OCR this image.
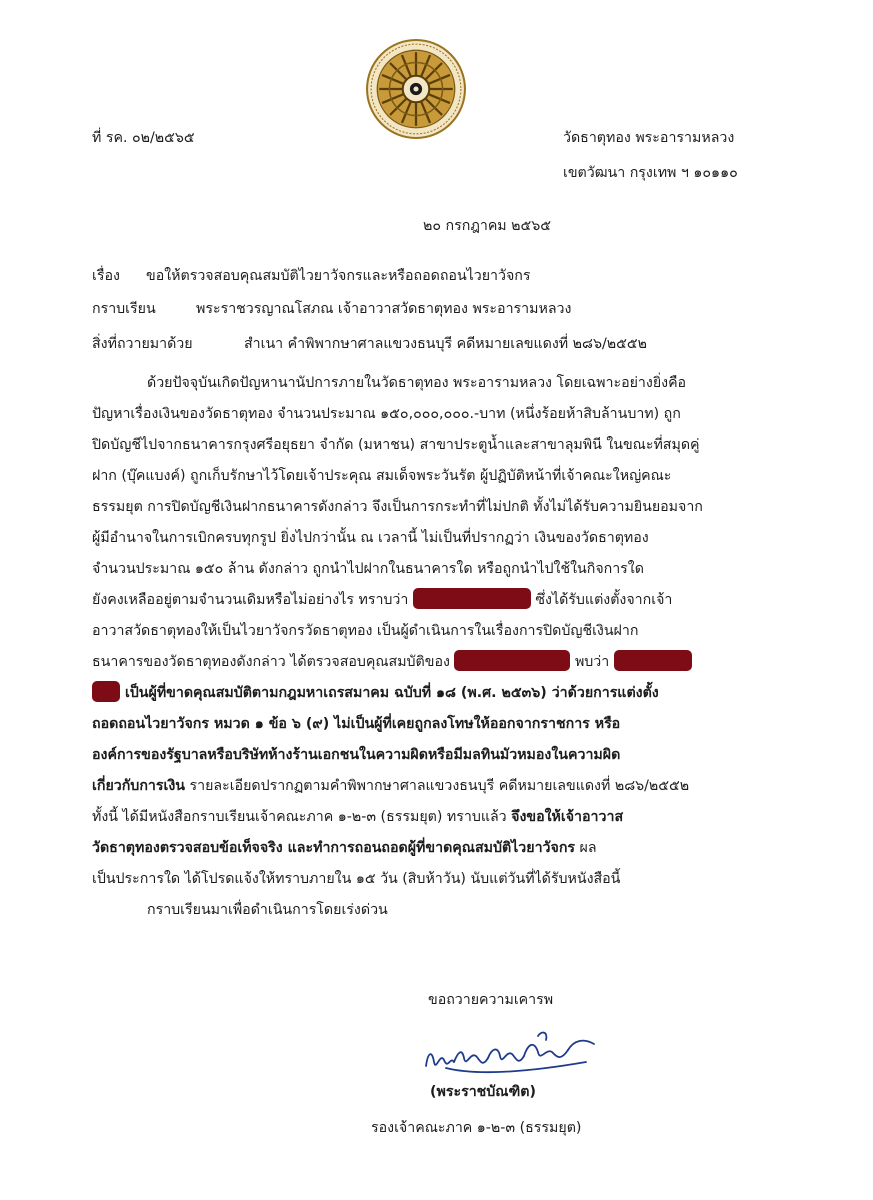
ที่ รค. ๐๒/๒๕๖๕	วัดธาตุทอง พระอารามหลวง
เขตวัฒนา กรุงเทพ ฯ ๑๐๑๑๐
๒๐ กรกฎาคม ๒๕๖๕
เรื่อง ขอให้ตรวจสอบคุณสมบัติไวยาวัจกรและหรือถอดถอนไวยาวัจกร
กราบเรียน	พระราชวรญาณโสภณ เจ้าอาวาสวัดธาตุทอง พระอารามหลวง
สิ่งที่ถวายมาด้วย	สำเนา คำพิพากษาศาลแขวงธนบุรี คดีหมายเลขแดงที่ ๒๘๖/๒๕๕๒
ด้วยปัจจุบันเกิดปัญหานานัปการภายในวัดธาตุทอง พระอารามหลวง โดยเฉพาะอย่างยิ่งคือ
ปัญหาเรื่องเงินของวัดธาตุทอง จำนวนประมาณ ๑๕๐,๐๐๐,๐๐๐.-บาท (หนึ่งร้อยห้าสิบล้านบาท) ถูก
ปิดบัญชีไปจากธนาคารกรุงศรีอยุธยา จำกัด (มหาชน) สาขาประตูน้ำและสาขาลุมพินี ในขณะที่สมุดคู่
ฝาก (บุ๊คแบงค์) ถูกเก็บรักษาไว้โดยเจ้าประคุณ สมเด็จพระวันรัต ผู้ปฏิบัติหน้าที่เจ้าคณะใหญ่คณะ
ธรรมยุต การปิดบัญชีเงินฝากธนาคารดังกล่าว จึงเป็นการกระทำที่ไม่ปกติ ทั้งไม่ได้รับความยินยอมจาก
ผู้มีอำนาจในการเบิกครบทุกรูป ยิ่งไปกว่านั้น ณ เวลานี้ ไม่เป็นที่ปรากฏว่า เงินของวัดธาตุทอง
จำนวนประมาณ ๑๕๐ ล้าน ดังกล่าว ถูกนำไปฝากในธนาคารใด หรือถูกนำไปใช้ในกิจการใด
ยังคงเหลืออยู่ตามจำนวนเดิมหรือไม่อย่างไร ทราบว่า	ซึ่งได้รับแต่งตั้งจากเจ้า
อาวาสวัดธาตุทองให้เป็นไวยาวัจกรวัดธาตุทอง เป็นผู้ดำเนินการในเรื่องการปิดบัญชีเงินฝาก
ธนาคารของวัดธาตุทองดังกล่าว ได้ตรวจสอบคุณสมบัติของ	พบว่า
เป็นผู้ที่ขาดคุณสมบัติตามกฎมหาเถรสมาคม ฉบับที่ ๑๘ (พ.ศ. ๒๕๓๖) ว่าด้วยการแต่งตั้ง
ถอดถอนไวยาวัจกร หมวด ๑ ข้อ ๖ (๙) ไม่เป็นผู้ที่เคยถูกลงโทษให้ออกจากราชการ หรือ
องค์การของรัฐบาลหรือบริษัทห้างร้านเอกชนในความผิดหรือมีมลทินมัวหมองในความผิด
เกี่ยวกับการเงิน รายละเอียดปรากฏตามคำพิพากษาศาลแขวงธนบุรี คดีหมายเลขแดงที่ ๒๘๖/๒๕๕๒
ทั้งนี้ ได้มีหนังสือกราบเรียนเจ้าคณะภาค ๑-๒-๓ (ธรรมยุต) ทราบแล้ว จึงขอให้เจ้าอาวาส
วัดธาตุทองตรวจสอบข้อเท็จจริง และทำการถอนถอดผู้ที่ขาดคุณสมบัติไวยาวัจกร ผล
เป็นประการใด ได้โปรดแจ้งให้ทราบภายใน ๑๕ วัน (สิบห้าวัน) นับแต่วันที่ได้รับหนังสือนี้
กราบเรียนมาเพื่อดำเนินการโดยเร่งด่วน
ขอถวายความเคารพ
(พระราชบัณฑิต)
รองเจ้าคณะภาค ๑-๒-๓ (ธรรมยุต)
